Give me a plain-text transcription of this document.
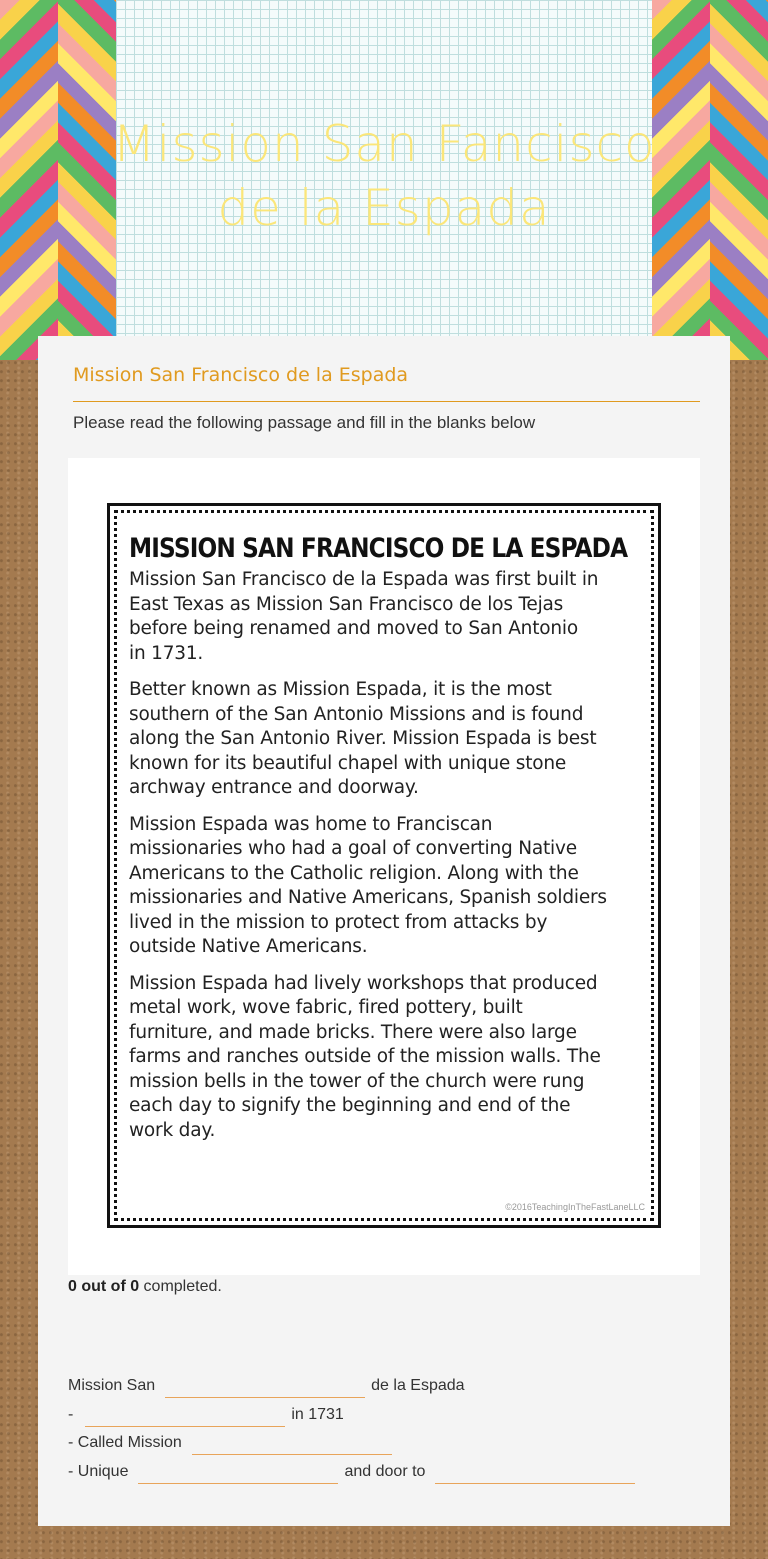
Mission San Fancisco de la Espada
Mission San Francisco de la Espada
Please read the following passage and fill in the blanks below
MISSION SAN FRANCISCO DE LA ESPADA
Mission San Francisco de la Espada was first built in
East Texas as Mission San Francisco de los Tejas
before being renamed and moved to San Antonio
in 1731.
Better known as Mission Espada, it is the most
southern of the San Antonio Missions and is found
along the San Antonio River. Mission Espada is best
known for its beautiful chapel with unique stone
archway entrance and doorway.
Mission Espada was home to Franciscan
missionaries who had a goal of converting Native
Americans to the Catholic religion. Along with the
missionaries and Native Americans, Spanish soldiers
lived in the mission to protect from attacks by
outside Native Americans.
Mission Espada had lively workshops that produced
metal work, wove fabric, fired pottery, built
furniture, and made bricks. There were also large
farms and ranches outside of the mission walls. The
mission bells in the tower of the church were rung
each day to signify the beginning and end of the
work day.
©2016TeachingInTheFastLaneLLC
0 out of 0 completed.
Mission San	de la Espada
-	in 1731
- Called Mission
- Unique	and door to
